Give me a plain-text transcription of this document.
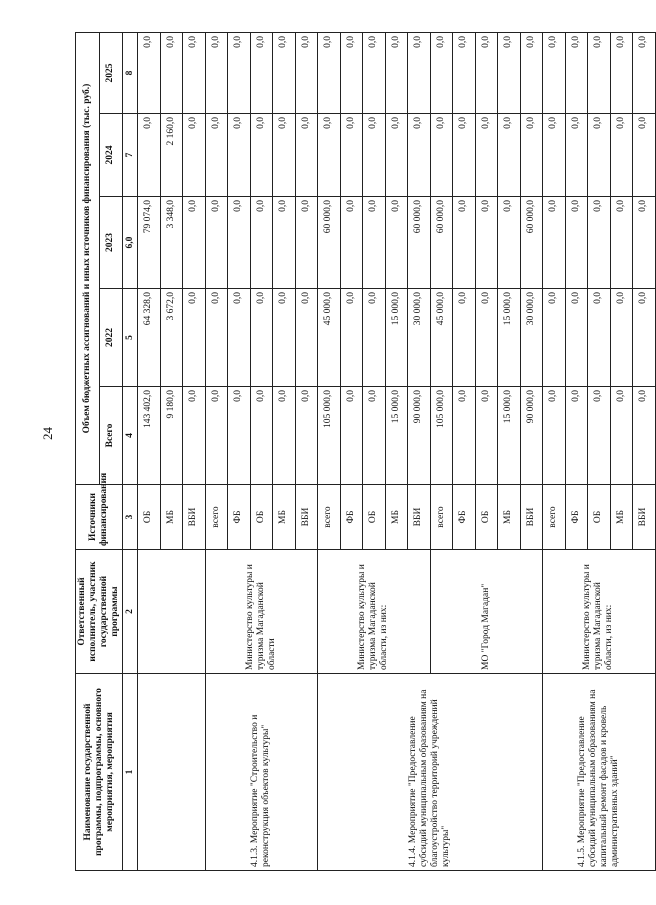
24
Наименование государственной программы, подпрограммы, основного мероприятия, мероприятия	Ответственный исполнитель, участник государственной программы	Источники финансирования	Объем бюджетных ассигнований и иных источников финансирования (тыс. руб.)				
			Всего	2022	2023	2024	2025
1	2	3	4	5	6,0	7	8
		ОБ	143 402,0	64 328,0	79 074,0	0,0	0,0
		МБ	9 180,0	3 672,0	3 348,0	2 160,0	0,0
		ВБИ	0,0	0,0	0,0	0,0	0,0
4.1.3. Мероприятие "Строительство и реконструкция объектов культуры"	Министерство культуры и туризма Магаданской области	всего	0,0	0,0	0,0	0,0	0,0
		ФБ	0,0	0,0	0,0	0,0	0,0
		ОБ	0,0	0,0	0,0	0,0	0,0
		МБ	0,0	0,0	0,0	0,0	0,0
		ВБИ	0,0	0,0	0,0	0,0	0,0
4.1.4. Мероприятие "Предоставление субсидий муниципальным образованиям на благоустройство территорий учреждений культуры"	Министерство культуры и туризма Магаданской области, из них:	всего	105 000,0	45 000,0	60 000,0	0,0	0,0
		ФБ	0,0	0,0	0,0	0,0	0,0
		ОБ	0,0	0,0	0,0	0,0	0,0
		МБ	15 000,0	15 000,0	0,0	0,0	0,0
		ВБИ	90 000,0	30 000,0	60 000,0	0,0	0,0
	МО "Город Магадан"	всего	105 000,0	45 000,0	60 000,0	0,0	0,0
		ФБ	0,0	0,0	0,0	0,0	0,0
		ОБ	0,0	0,0	0,0	0,0	0,0
		МБ	15 000,0	15 000,0	0,0	0,0	0,0
		ВБИ	90 000,0	30 000,0	60 000,0	0,0	0,0
4.1.5. Мероприятие "Предоставление субсидий муниципальным образованиям на капитальный ремонт фасадов и кровель административных зданий"	Министерство культуры и туризма Магаданской области, из них:	всего	0,0	0,0	0,0	0,0	0,0
		ФБ	0,0	0,0	0,0	0,0	0,0
		ОБ	0,0	0,0	0,0	0,0	0,0
		МБ	0,0	0,0	0,0	0,0	0,0
		ВБИ	0,0	0,0	0,0	0,0	0,0
